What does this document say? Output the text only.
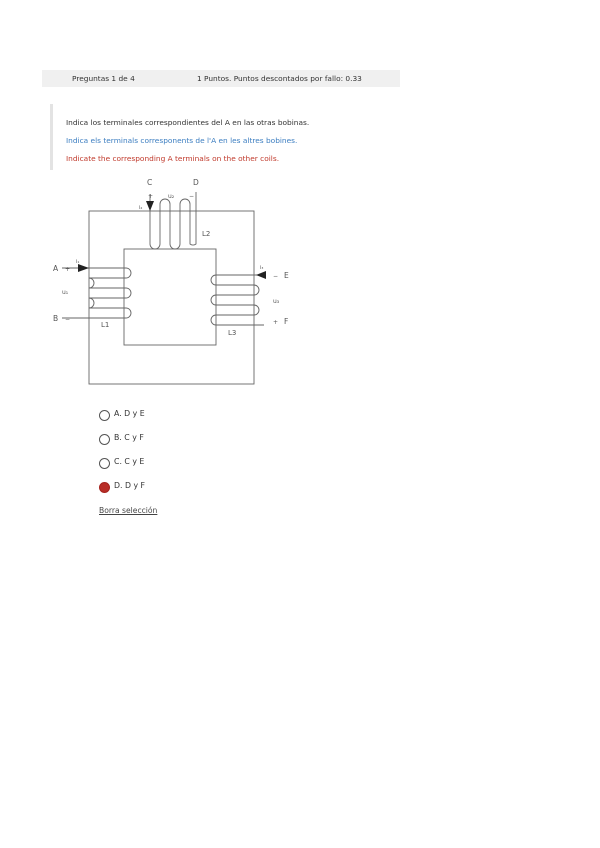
Preguntas 1 de 4	1 Puntos. Puntos descontados por fallo: 0.33
Indica los terminales correspondientes del A en las otras bobinas.
Indica els terminals corresponents de l'A en les altres bobines.
Indicate the corresponding A terminals on the other coils.
A +
i₁
u₁
B −
L1
C	D
+	−
u₂
i₂
L2
i₃
− E
u₃
+ F
L3
A. D y E
B. C y F
C. C y E
D. D y F
Borra selección
